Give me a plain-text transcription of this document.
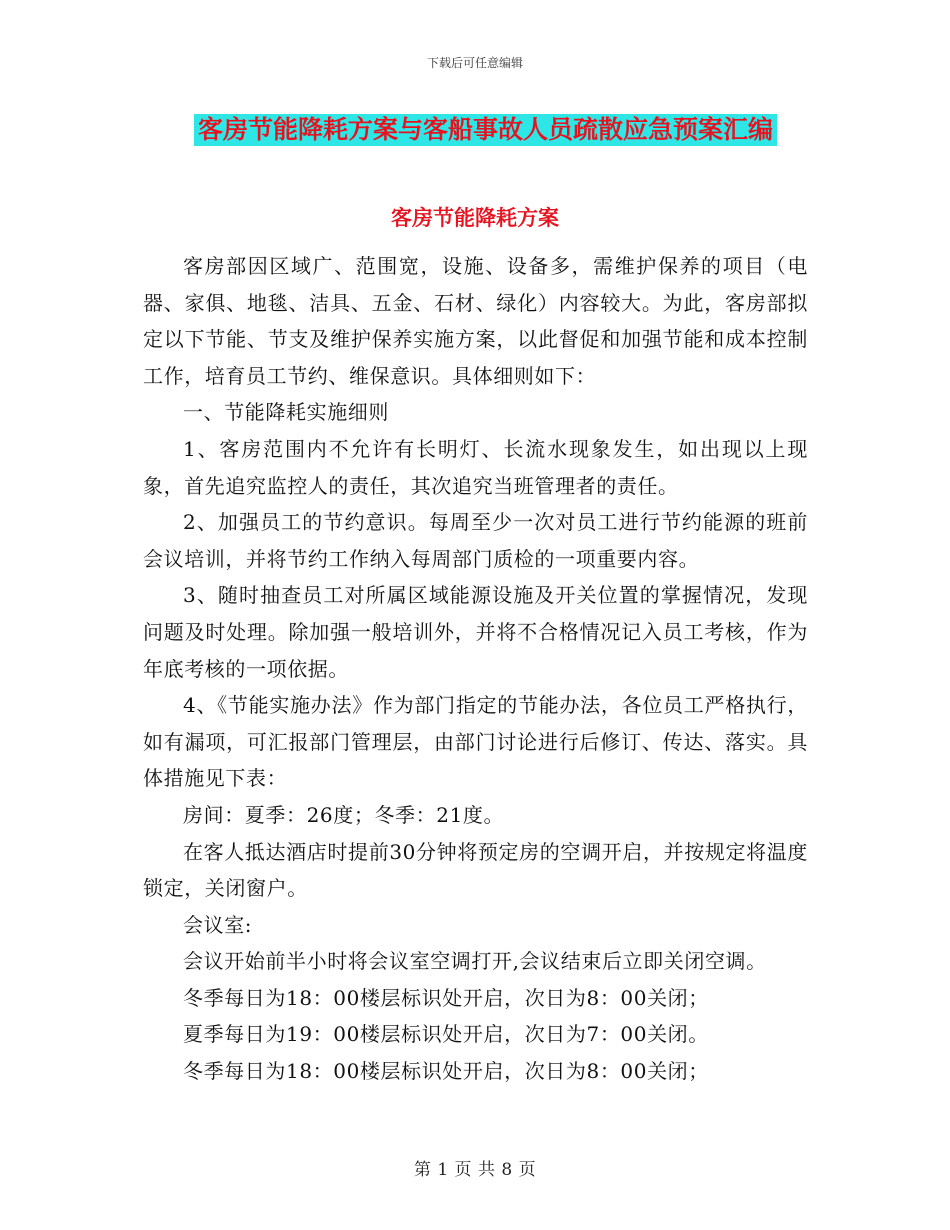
下载后可任意编辑
客房节能降耗方案与客船事故人员疏散应急预案汇编
客房节能降耗方案

客房部因区域广、范围宽，设施、设备多，需维护保养的项目（电器、家俱、地毯、洁具、五金、石材、绿化）内容较大。为此，客房部拟定以下节能、节支及维护保养实施方案，以此督促和加强节能和成本控制工作，培育员工节约、维保意识。具体细则如下：

一、节能降耗实施细则

1、客房范围内不允许有长明灯、长流水现象发生，如出现以上现象，首先追究监控人的责任，其次追究当班管理者的责任。

2、加强员工的节约意识。每周至少一次对员工进行节约能源的班前会议培训，并将节约工作纳入每周部门质检的一项重要内容。

3、随时抽查员工对所属区域能源设施及开关位置的掌握情况，发现问题及时处理。除加强一般培训外，并将不合格情况记入员工考核，作为年底考核的一项依据。

4、《节能实施办法》作为部门指定的节能办法，各位员工严格执行，如有漏项，可汇报部门管理层，由部门讨论进行后修订、传达、落实。具体措施见下表：

房间：夏季：26度；冬季：21度。

在客人抵达酒店时提前30分钟将预定房的空调开启，并按规定将温度锁定，关闭窗户。

会议室:

会议开始前半小时将会议室空调打开,会议结束后立即关闭空调。

冬季每日为18：00楼层标识处开启，次日为8：00关闭；

夏季每日为19：00楼层标识处开启，次日为7：00关闭。

冬季每日为18：00楼层标识处开启，次日为8：00关闭；

第 1 页 共 8 页
